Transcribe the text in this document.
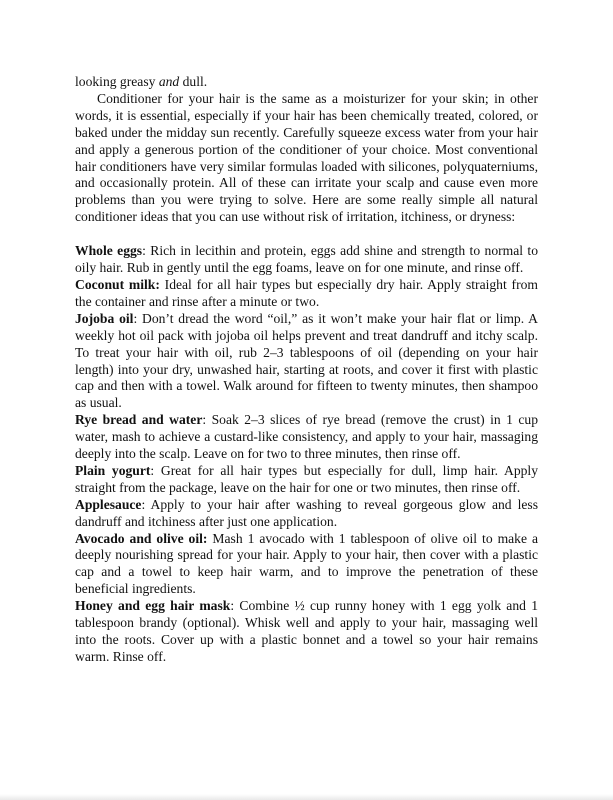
looking greasy and dull.

Conditioner for your hair is the same as a moisturizer for your skin; in other words, it is essential, especially if your hair has been chemically treated, colored, or baked under the midday sun recently. Carefully squeeze excess water from your hair and apply a generous portion of the conditioner of your choice. Most conventional hair conditioners have very similar formulas loaded with silicones, polyquaterniums, and occasionally protein. All of these can irritate your scalp and cause even more problems than you were trying to solve. Here are some really simple all natural conditioner ideas that you can use without risk of irritation, itchiness, or dryness:

Whole eggs: Rich in lecithin and protein, eggs add shine and strength to normal to oily hair. Rub in gently until the egg foams, leave on for one minute, and rinse off.

Coconut milk: Ideal for all hair types but especially dry hair. Apply straight from the container and rinse after a minute or two.

Jojoba oil: Don’t dread the word “oil,” as it won’t make your hair flat or limp. A weekly hot oil pack with jojoba oil helps prevent and treat dandruff and itchy scalp. To treat your hair with oil, rub 2–3 tablespoons of oil (depending on your hair length) into your dry, unwashed hair, starting at roots, and cover it first with plastic cap and then with a towel. Walk around for fifteen to twenty minutes, then shampoo as usual.

Rye bread and water: Soak 2–3 slices of rye bread (remove the crust) in 1 cup water, mash to achieve a custard-like consistency, and apply to your hair, massaging deeply into the scalp. Leave on for two to three minutes, then rinse off.

Plain yogurt: Great for all hair types but especially for dull, limp hair. Apply straight from the package, leave on the hair for one or two minutes, then rinse off.

Applesauce: Apply to your hair after washing to reveal gorgeous glow and less dandruff and itchiness after just one application.

Avocado and olive oil: Mash 1 avocado with 1 tablespoon of olive oil to make a deeply nourishing spread for your hair. Apply to your hair, then cover with a plastic cap and a towel to keep hair warm, and to improve the penetration of these beneficial ingredients.

Honey and egg hair mask: Combine ½ cup runny honey with 1 egg yolk and 1 tablespoon brandy (optional). Whisk well and apply to your hair, massaging well into the roots. Cover up with a plastic bonnet and a towel so your hair remains warm. Rinse off.
